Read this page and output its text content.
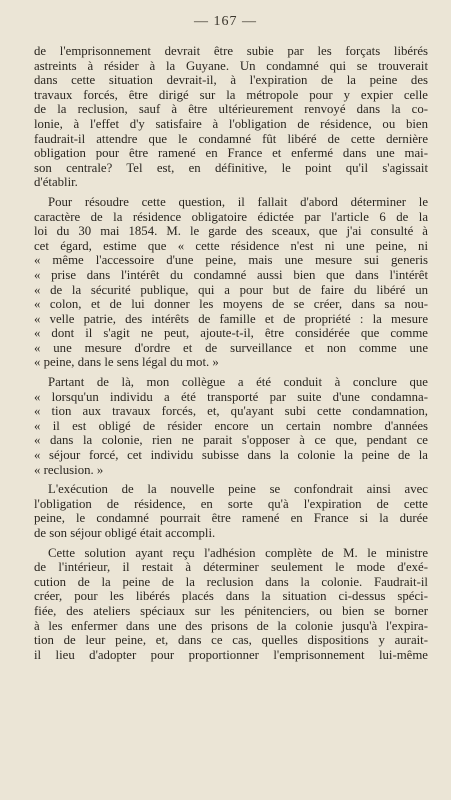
— 167 —
de l'emprisonnement devrait être subie par les forçats libérés
astreints à résider à la Guyane. Un condamné qui se trouverait
dans cette situation devrait-il, à l'expiration de la peine des
travaux forcés, être dirigé sur la métropole pour y expier celle
de la reclusion, sauf à être ultérieurement renvoyé dans la co-
lonie, à l'effet d'y satisfaire à l'obligation de résidence, ou bien
faudrait-il attendre que le condamné fût libéré de cette dernière
obligation pour être ramené en France et enfermé dans une mai-
son centrale? Tel est, en définitive, le point qu'il s'agissait
d'établir.
Pour résoudre cette question, il fallait d'abord déterminer le
caractère de la résidence obligatoire édictée par l'article 6 de la
loi du 30 mai 1854. M. le garde des sceaux, que j'ai consulté à
cet égard, estime que « cette résidence n'est ni une peine, ni
« même l'accessoire d'une peine, mais une mesure sui generis
« prise dans l'intérêt du condamné aussi bien que dans l'intérêt
« de la sécurité publique, qui a pour but de faire du libéré un
« colon, et de lui donner les moyens de se créer, dans sa nou-
« velle patrie, des intérêts de famille et de propriété : la mesure
« dont il s'agit ne peut, ajoute-t-il, être considérée que comme
« une mesure d'ordre et de surveillance et non comme une
« peine, dans le sens légal du mot. »
Partant de là, mon collègue a été conduit à conclure que
« lorsqu'un individu a été transporté par suite d'une condamna-
« tion aux travaux forcés, et, qu'ayant subi cette condamnation,
« il est obligé de résider encore un certain nombre d'années
« dans la colonie, rien ne parait s'opposer à ce que, pendant ce
« séjour forcé, cet individu subisse dans la colonie la peine de la
« reclusion. »
L'exécution de la nouvelle peine se confondrait ainsi avec
l'obligation de résidence, en sorte qu'à l'expiration de cette
peine, le condamné pourrait être ramené en France si la durée
de son séjour obligé était accompli.
Cette solution ayant reçu l'adhésion complète de M. le ministre
de l'intérieur, il restait à déterminer seulement le mode d'exé-
cution de la peine de la reclusion dans la colonie. Faudrait-il
créer, pour les libérés placés dans la situation ci-dessus spéci-
fiée, des ateliers spéciaux sur les pénitenciers, ou bien se borner
à les enfermer dans une des prisons de la colonie jusqu'à l'expira-
tion de leur peine, et, dans ce cas, quelles dispositions y aurait-
il lieu d'adopter pour proportionner l'emprisonnement lui-même
